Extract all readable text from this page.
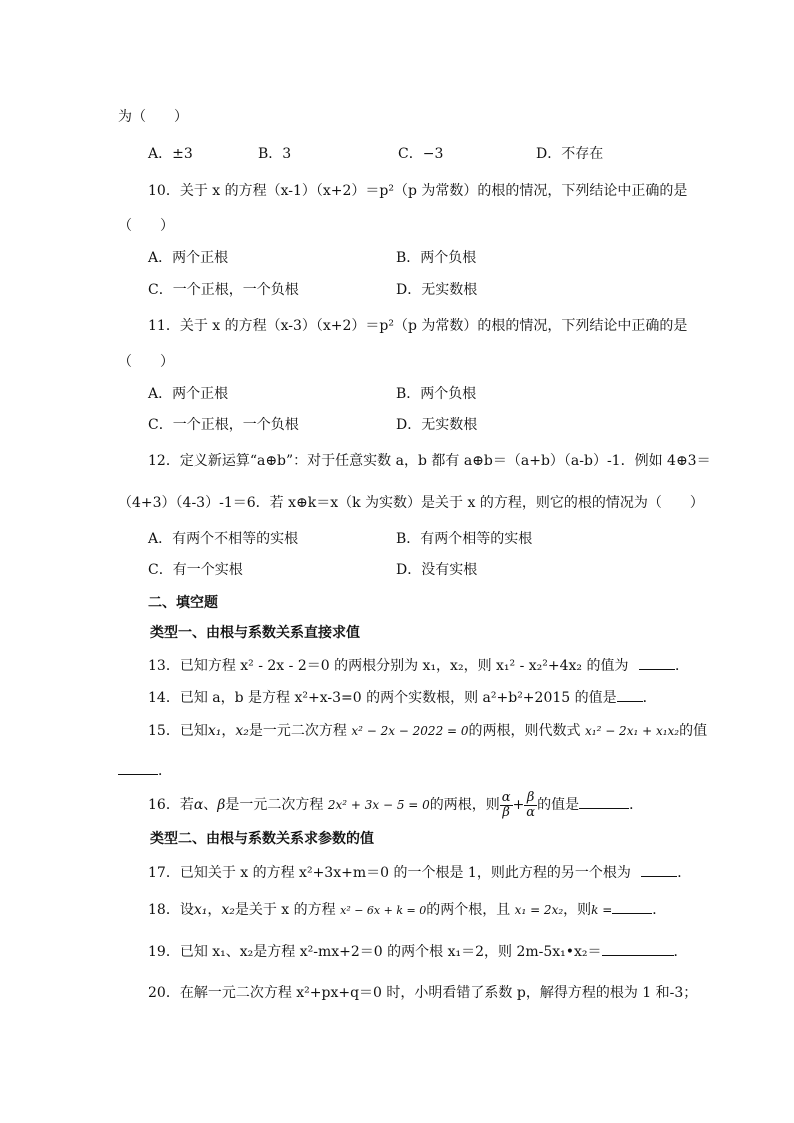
为（　　）
A．±3	B．3	C．−3	D．不存在
10．关于 x 的方程（x-1）（x+2）＝p²（p 为常数）的根的情况，下列结论中正确的是
（　　）
A．两个正根	B．两个负根
C．一个正根，一个负根	D．无实数根
11．关于 x 的方程（x-3）（x+2）＝p²（p 为常数）的根的情况，下列结论中正确的是
（　　）
A．两个正根	B．两个负根
C．一个正根，一个负根	D．无实数根
12．定义新运算“a⊕b”：对于任意实数 a，b 都有 a⊕b＝（a+b）（a-b）-1．例如 4⊕3＝
（4+3）（4-3）-1＝6．若 x⊕k＝x（k 为实数）是关于 x 的方程，则它的根的情况为（　　）
A．有两个不相等的实根	B．有两个相等的实根
C．有一个实根	D．没有实根
二、填空题
类型一、由根与系数关系直接求值
13．已知方程 x² - 2x - 2＝0 的两根分别为 x₁，x₂，则 x₁² - x₂²+4x₂ 的值为	．
14．已知 a，b 是方程 x²+x-3=0 的两个实数根，则 a²+b²+2015 的值是 ．
15．已知x₁，x₂是一元二次方程 x² − 2x − 2022 = 0的两根，则代数式 x₁² − 2x₁ + x₁x₂的值
．
16．若α、β是一元二次方程 2x² + 3x − 5 = 0的两根，则 $\frac{\alpha}{\beta} + \frac{\beta}{\alpha}$ 的值是	．
类型二、由根与系数关系求参数的值
17．已知关于 x 的方程 x²+3x+m＝0 的一个根是 1，则此方程的另一个根为	．
18．设x₁，x₂是关于 x 的方程 x² − 6x + k = 0的两个根，且 x₁ = 2x₂，则k =	．
19．已知 x₁、x₂是方程 x²-mx+2＝0 的两个根 x₁＝2，则 2m-5x₁•x₂＝	．
20．在解一元二次方程 x²+px+q＝0 时，小明看错了系数 p，解得方程的根为 1 和-3；
